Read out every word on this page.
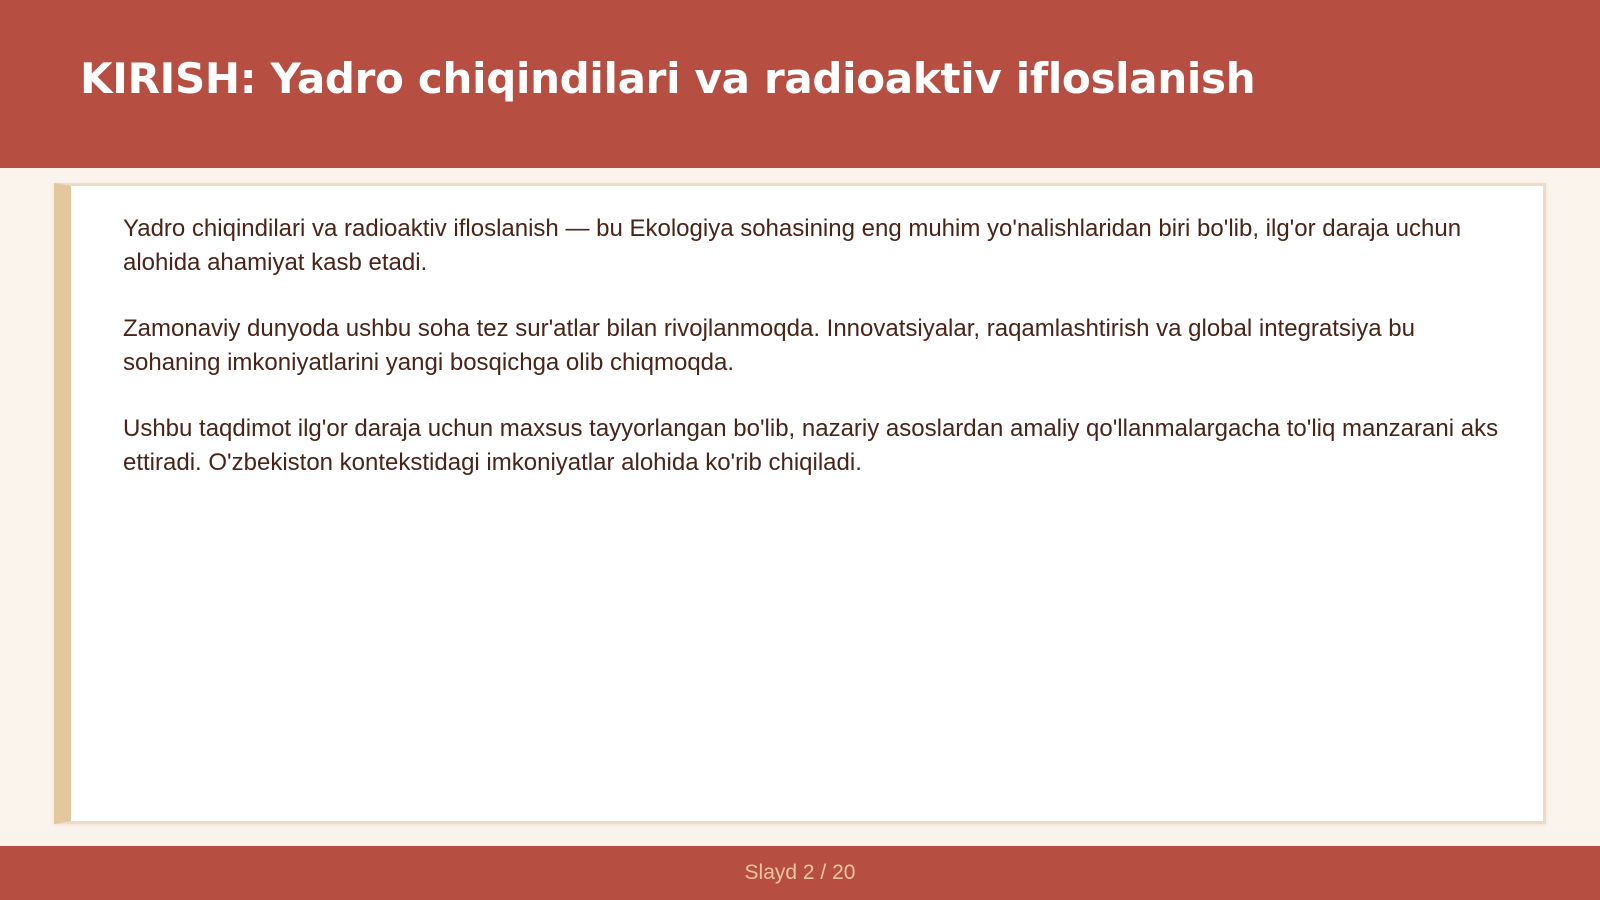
KIRISH: Yadro chiqindilari va radioaktiv ifloslanish

Yadro chiqindilari va radioaktiv ifloslanish — bu Ekologiya sohasining eng muhim yo'nalishlaridan biri bo'lib, ilg'or daraja uchun alohida ahamiyat kasb etadi.

Zamonaviy dunyoda ushbu soha tez sur'atlar bilan rivojlanmoqda. Innovatsiyalar, raqamlashtirish va global integratsiya bu sohaning imkoniyatlarini yangi bosqichga olib chiqmoqda.

Ushbu taqdimot ilg'or daraja uchun maxsus tayyorlangan bo'lib, nazariy asoslardan amaliy qo'llanmalargacha to'liq manzarani aks ettiradi. O'zbekiston kontekstidagi imkoniyatlar alohida ko'rib chiqiladi.

Slayd 2 / 20
